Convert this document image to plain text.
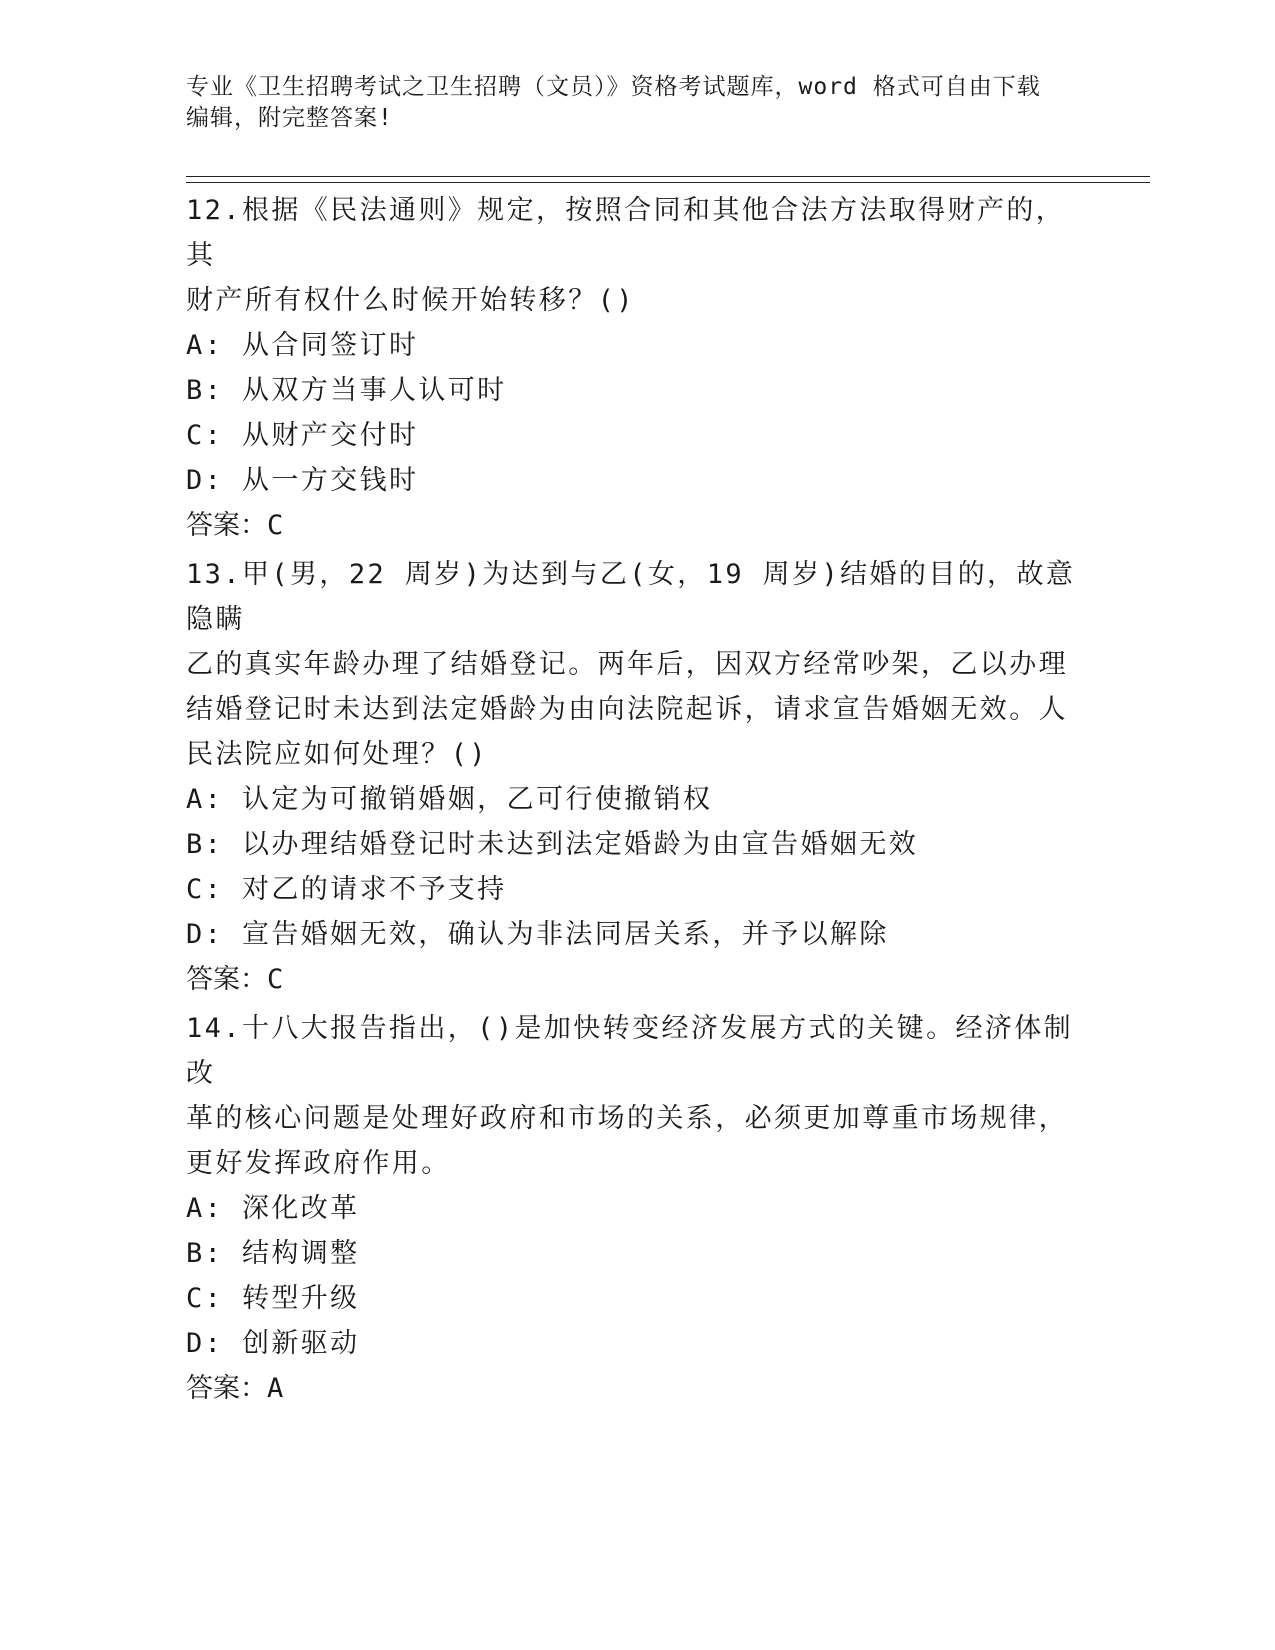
专业《卫生招聘考试之卫生招聘（文员）》资格考试题库，word 格式可自由下载
编辑，附完整答案!
12.根据《民法通则》规定，按照合同和其他合法方法取得财产的，其
财产所有权什么时候开始转移？()
A: 从合同签订时
B: 从双方当事人认可时
C: 从财产交付时
D: 从一方交钱时
答案：C
13.甲(男，22 周岁)为达到与乙(女，19 周岁)结婚的目的，故意隐瞒
乙的真实年龄办理了结婚登记。两年后，因双方经常吵架，乙以办理
结婚登记时未达到法定婚龄为由向法院起诉，请求宣告婚姻无效。人
民法院应如何处理？()
A: 认定为可撤销婚姻，乙可行使撤销权
B: 以办理结婚登记时未达到法定婚龄为由宣告婚姻无效
C: 对乙的请求不予支持
D: 宣告婚姻无效，确认为非法同居关系，并予以解除
答案：C
14.十八大报告指出，()是加快转变经济发展方式的关键。经济体制改
革的核心问题是处理好政府和市场的关系，必须更加尊重市场规律，
更好发挥政府作用。
A: 深化改革
B: 结构调整
C: 转型升级
D: 创新驱动
答案：A
